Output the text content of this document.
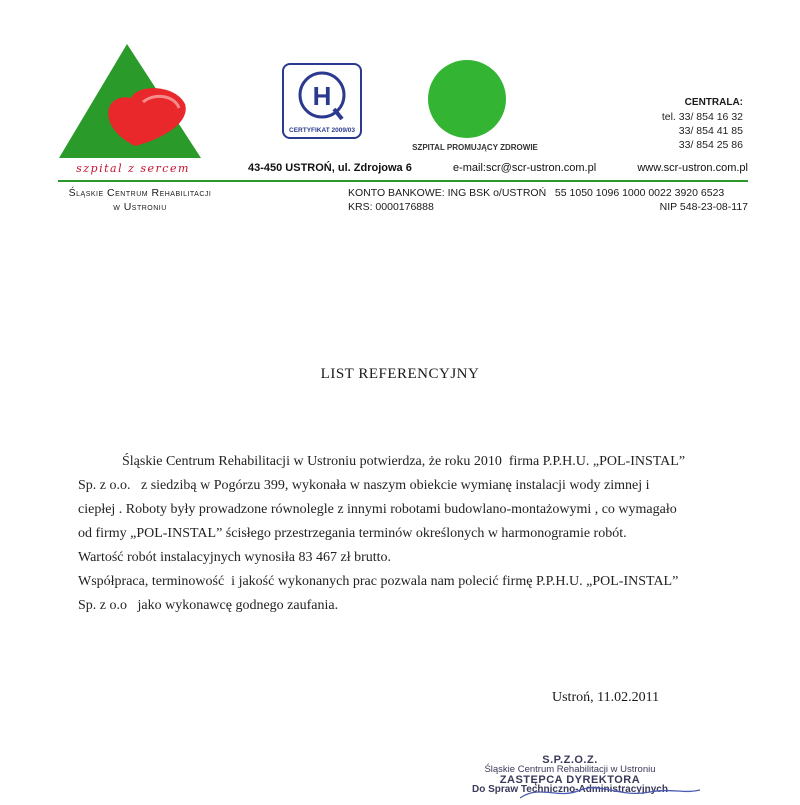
szpital z sercem
H
CERTYFIKAT 2009/03
SZPITAL PROMUJĄCY ZDROWIE
CENTRALA:
tel. 33/ 854 16 32
33/ 854 41 85
33/ 854 25 86
43-450 USTROŃ, ul. Zdrojowa 6	e-mail:scr@scr-ustron.com.pl	www.scr-ustron.com.pl
Śląskie Centrum Rehabilitacji
w Ustroniu
KONTO BANKOWE: ING BSK o/USTROŃ   55 1050 1096 1000 0022 3920 6523
KRS: 0000176888	NIP 548-23-08-117
LIST REFERENCYJNY

Śląskie Centrum Rehabilitacji w Ustroniu potwierdza, że roku 2010  firma P.P.H.U. „POL-INSTAL” Sp. z o.o.   z siedzibą w Pogórzu 399, wykonała w naszym obiekcie wymianę instalacji wody zimnej i ciepłej . Roboty były prowadzone równolegle z innymi robotami budowlano-montażowymi , co wymagało od firmy „POL-INSTAL” ścisłego przestrzegania terminów określonych w harmonogramie robót.

Wartość robót instalacyjnych wynosiła 83 467 zł brutto.

Współpraca, terminowość  i jakość wykonanych prac pozwala nam polecić firmę P.P.H.U. „POL-INSTAL” Sp. z o.o   jako wykonawcę godnego zaufania.

Ustroń, 11.02.2011
S.P.Z.O.Z.
Śląskie Centrum Rehabilitacji w Ustroniu
ZASTĘPCA DYREKTORA
Do Spraw Techniczno-Administracyjnych
